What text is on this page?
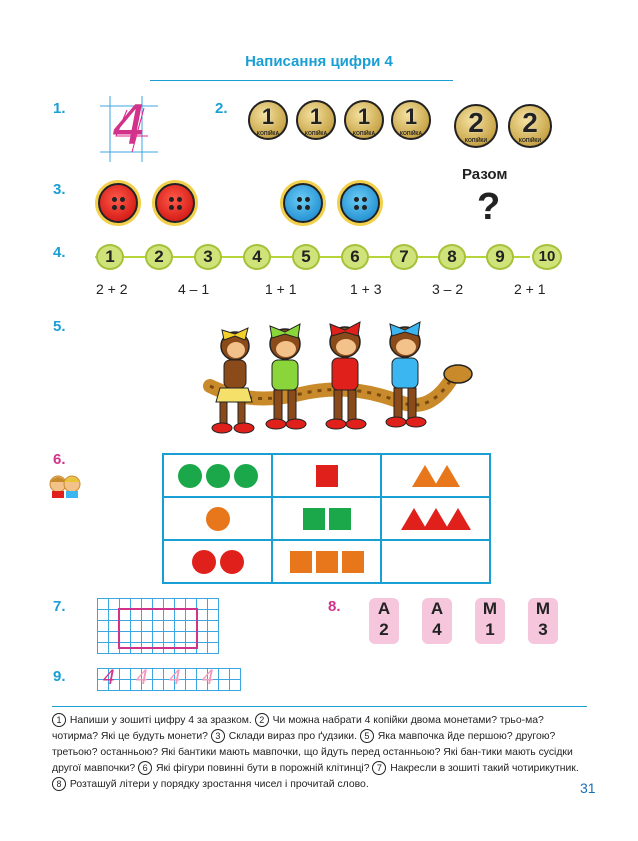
Написання цифри 4
1.	2.
3.
4.
5.
6.
7.	8.
9.
4	1
КОПІЙКА
1
КОПІЙКА
1
КОПІЙКА
1
КОПІЙКА	2
КОПІЙКИ
2
КОПІЙКИ
Разом
?
1	2	3	4	5	6	7	8	9	10
2 + 2	4 – 1	1 + 1	1 + 3	3 – 2	2 + 1

А
2
А
4
М
1
М
3
4 4 4 4
1 Напиши у зошиті цифру 4 за зразком. 2 Чи можна набрати 4 копійки двома монетами? трьо-ма? чотирма? Які це будуть монети? 3 Склади вираз про ґудзики. 5 Яка мавпочка йде першою? другою? третьою? останньою? Які бантики мають мавпочки, що йдуть перед останньою? Які бан-тики мають сусідки другої мавпочки? 6 Які фігури повинні бути в порожній клітинці? 7 Накресли в зошиті такий чотирикутник. 8 Розташуй літери у порядку зростання чисел і прочитай слово.	31
